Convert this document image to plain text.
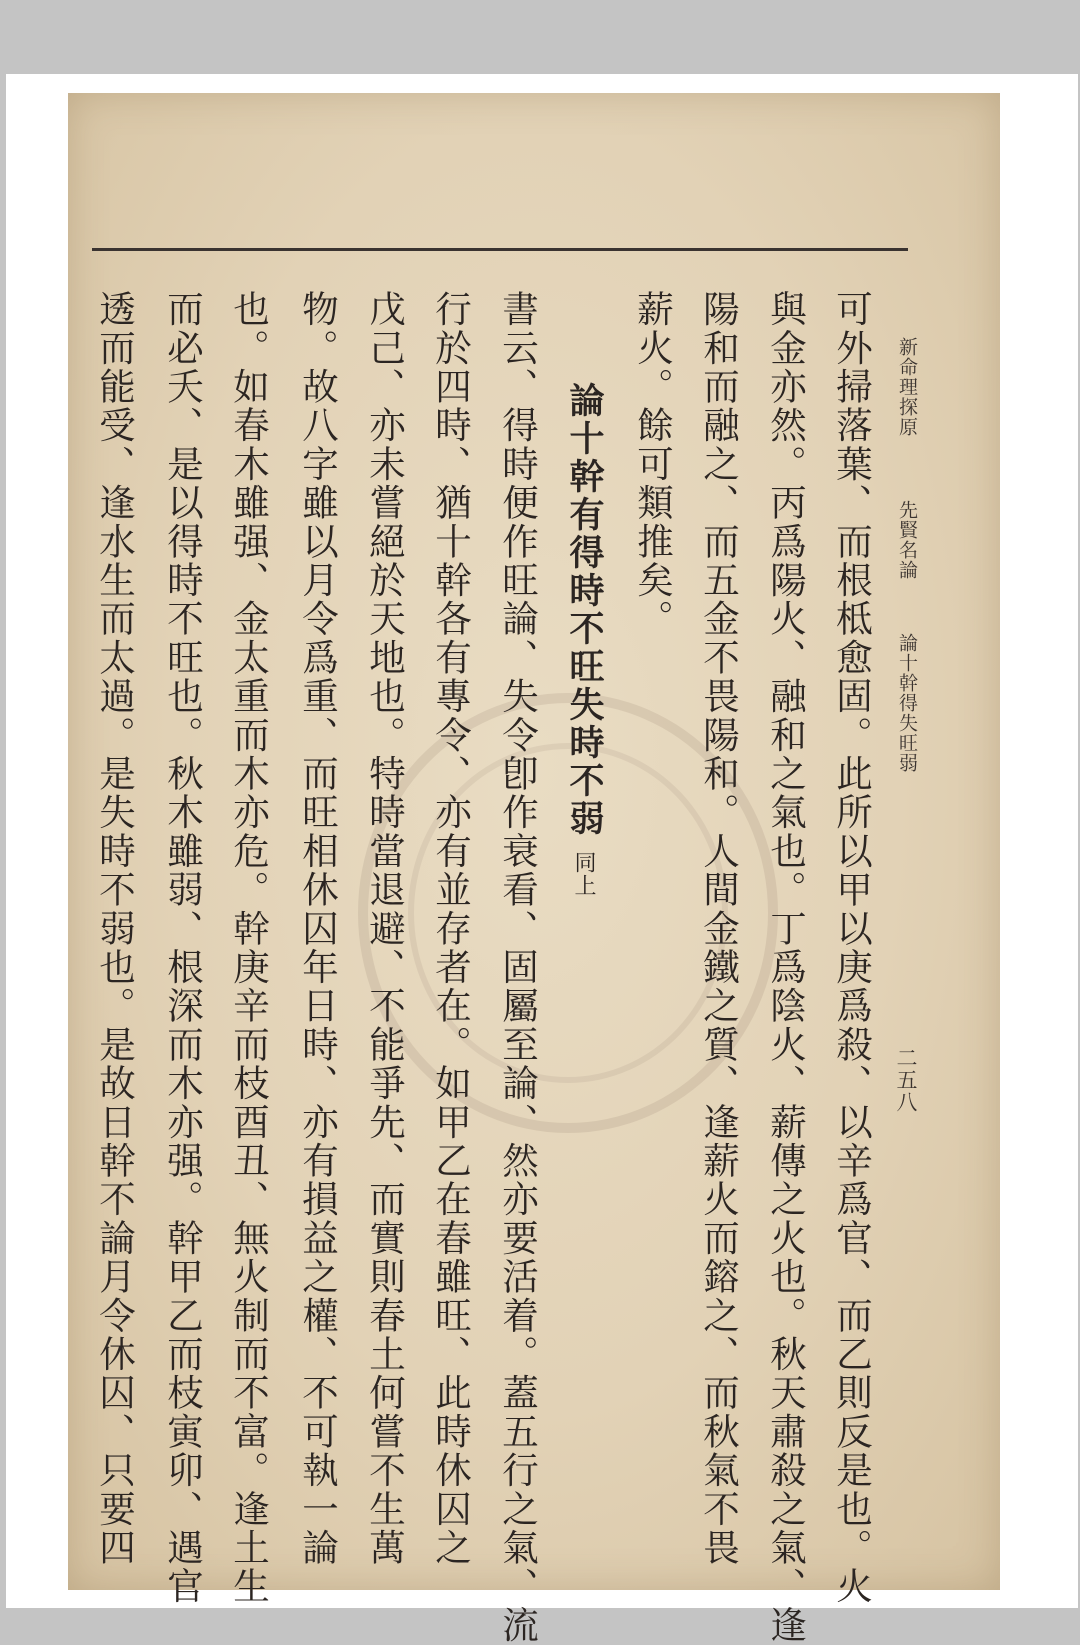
新命理探原
先賢名論
論十幹得失旺弱
二五八
可外掃落葉、而根柢愈固。此所以甲以庚爲殺、以辛爲官、而乙則反是也。火
與金亦然。丙爲陽火、融和之氣也。丁爲陰火、薪傳之火也。秋天肅殺之氣、逢
陽和而融之、而五金不畏陽和。人間金鐵之質、逢薪火而鎔之、而秋氣不畏
薪火。餘可類推矣。
論十幹有得時不旺失時不弱
同上
書云、得時便作旺論、失令卽作衰看、固屬至論、然亦要活着。蓋五行之氣、流
行於四時、猶十幹各有專令、亦有並存者在。如甲乙在春雖旺、此時休囚之
戊己、亦未嘗絕於天地也。特時當退避、不能爭先、而實則春土何嘗不生萬
物。故八字雖以月令爲重、而旺相休囚年日時、亦有損益之權、不可執一論
也。如春木雖强、金太重而木亦危。幹庚辛而枝酉丑、無火制而不富。逢土生
而必夭、是以得時不旺也。秋木雖弱、根深而木亦强。幹甲乙而枝寅卯、遇官
透而能受、逢水生而太過。是失時不弱也。是故日幹不論月令休囚、只要四
